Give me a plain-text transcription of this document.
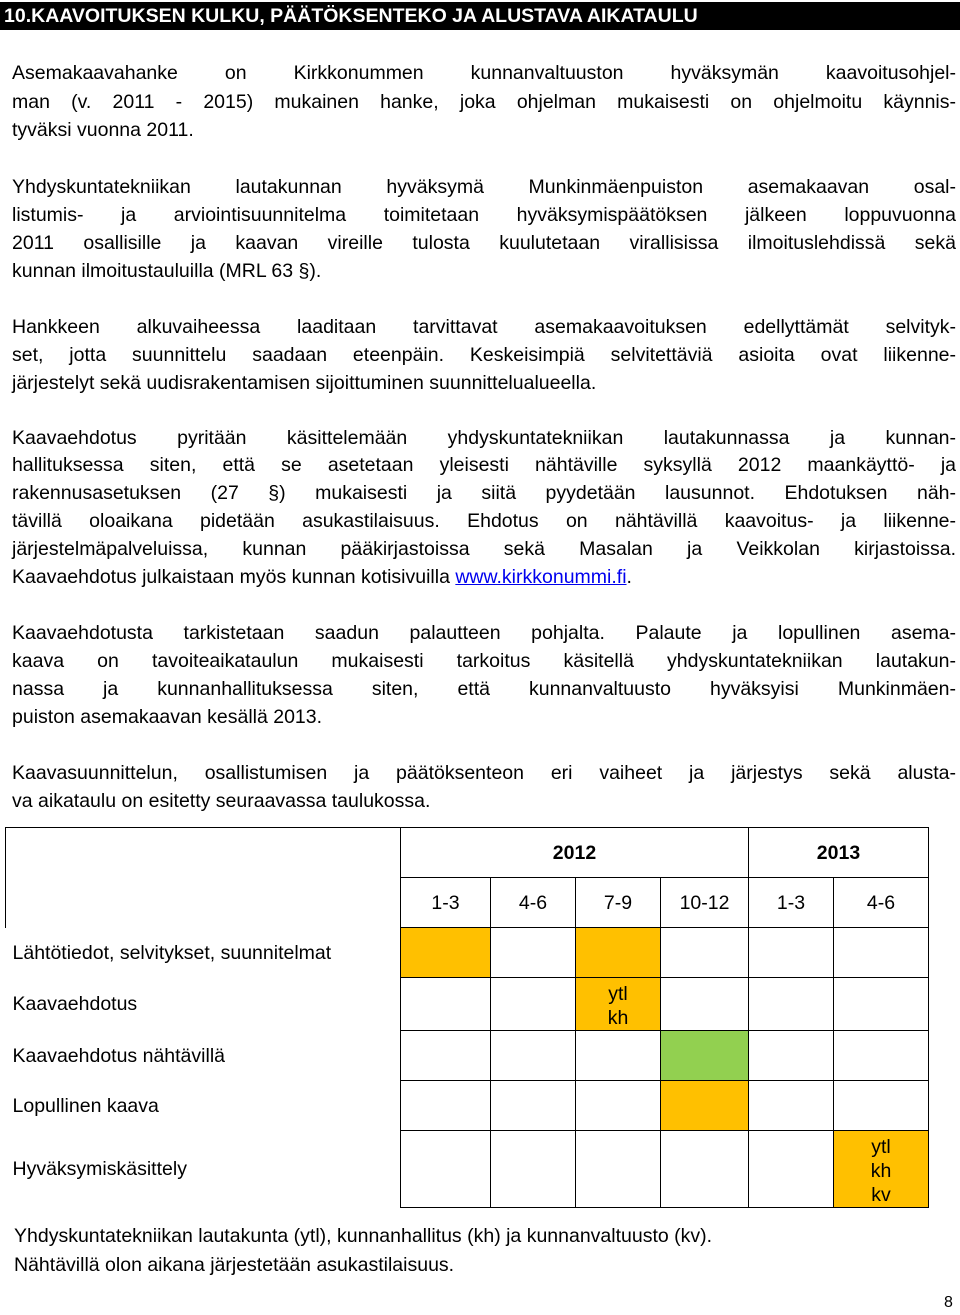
10.KAAVOITUKSEN KULKU, PÄÄTÖKSENTEKO JA ALUSTAVA AIKATAULU
Asemakaavahanke on Kirkkonummen kunnanvaltuuston hyväksymän kaavoitusohjel-
man (v. 2011 - 2015) mukainen hanke, joka ohjelman mukaisesti on ohjelmoitu käynnis-
tyväksi vuonna 2011.
Yhdyskuntatekniikan lautakunnan hyväksymä Munkinmäenpuiston asemakaavan osal-
listumis- ja arviointisuunnitelma toimitetaan hyväksymispäätöksen jälkeen loppuvuonna
2011 osallisille ja kaavan vireille tulosta kuulutetaan virallisissa ilmoituslehdissä sekä
kunnan ilmoitustauluilla (MRL 63 §).
Hankkeen alkuvaiheessa laaditaan tarvittavat asemakaavoituksen edellyttämät selvityk-
set, jotta suunnittelu saadaan eteenpäin. Keskeisimpiä selvitettäviä asioita ovat liikenne-
järjestelyt sekä uudisrakentamisen sijoittuminen suunnittelualueella.
Kaavaehdotus pyritään käsittelemään yhdyskuntatekniikan lautakunnassa ja kunnan-
hallituksessa siten, että se asetetaan yleisesti nähtäville syksyllä 2012 maankäyttö- ja
rakennusasetuksen (27 §) mukaisesti ja siitä pyydetään lausunnot. Ehdotuksen näh-
tävillä oloaikana pidetään asukastilaisuus. Ehdotus on nähtävillä kaavoitus- ja liikenne-
järjestelmäpalveluissa, kunnan pääkirjastoissa sekä Masalan ja Veikkolan kirjastoissa.
Kaavaehdotus julkaistaan myös kunnan kotisivuilla www.kirkkonummi.fi.
Kaavaehdotusta tarkistetaan saadun palautteen pohjalta. Palaute ja lopullinen asema-
kaava on tavoiteaikataulun mukaisesti tarkoitus käsitellä yhdyskuntatekniikan lautakun-
nassa ja kunnanhallituksessa siten, että kunnanvaltuusto hyväksyisi Munkinmäen-
puiston asemakaavan kesällä 2013.
Kaavasuunnittelun, osallistumisen ja päätöksenteon eri vaiheet ja järjestys sekä alusta-
va aikataulu on esitetty seuraavassa taulukossa.
	2012				2013	
	1-3	4-6	7-9	10-12	1-3	4-6
Lähtötiedot, selvitykset, suunnitelmat						
Kaavaehdotus			ytl
kh			

Kaavaehdotus nähtävillä						
Lopullinen kaava						
Hyväksymiskäsittely						ytl
kh
kv
Yhdyskuntatekniikan lautakunta (ytl), kunnanhallitus (kh) ja kunnanvaltuusto (kv).
Nähtävillä olon aikana järjestetään asukastilaisuus.
8
